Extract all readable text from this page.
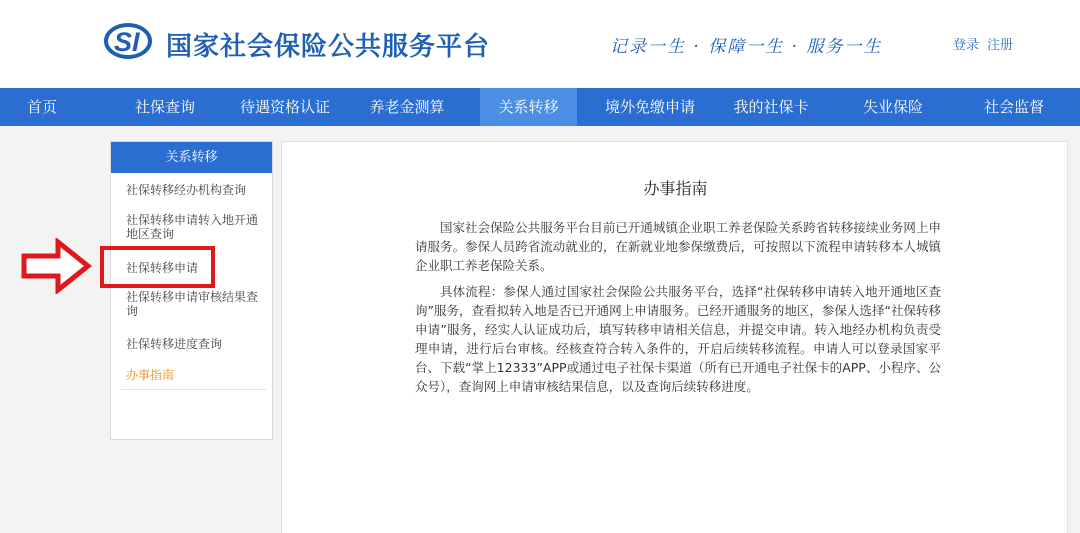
SI 国家社会保险公共服务平台	记录一生 · 保障一生 · 服务一生	登录 注册
首页	社保查询	待遇资格认证	养老金测算	关系转移	境外免缴申请	我的社保卡	失业保险	社会监督
关系转移
社保转移经办机构查询
社保转移申请转入地开通地区查询
社保转移申请
社保转移申请审核结果查询
社保转移进度查询
办事指南
办事指南

国家社会保险公共服务平台目前已开通城镇企业职工养老保险关系跨省转移接续业务网上申请服务。参保人员跨省流动就业的，在新就业地参保缴费后，可按照以下流程申请转移本人城镇企业职工养老保险关系。

具体流程：参保人通过国家社会保险公共服务平台，选择“社保转移申请转入地开通地区查询”服务，查看拟转入地是否已开通网上申请服务。已经开通服务的地区，参保人选择“社保转移申请”服务，经实人认证成功后，填写转移申请相关信息，并提交申请。转入地经办机构负责受理申请，进行后台审核。经核查符合转入条件的，开启后续转移流程。申请人可以登录国家平台、下载“掌上12333”APP或通过电子社保卡渠道（所有已开通电子社保卡的APP、小程序、公众号），查询网上申请审核结果信息，以及查询后续转移进度。
